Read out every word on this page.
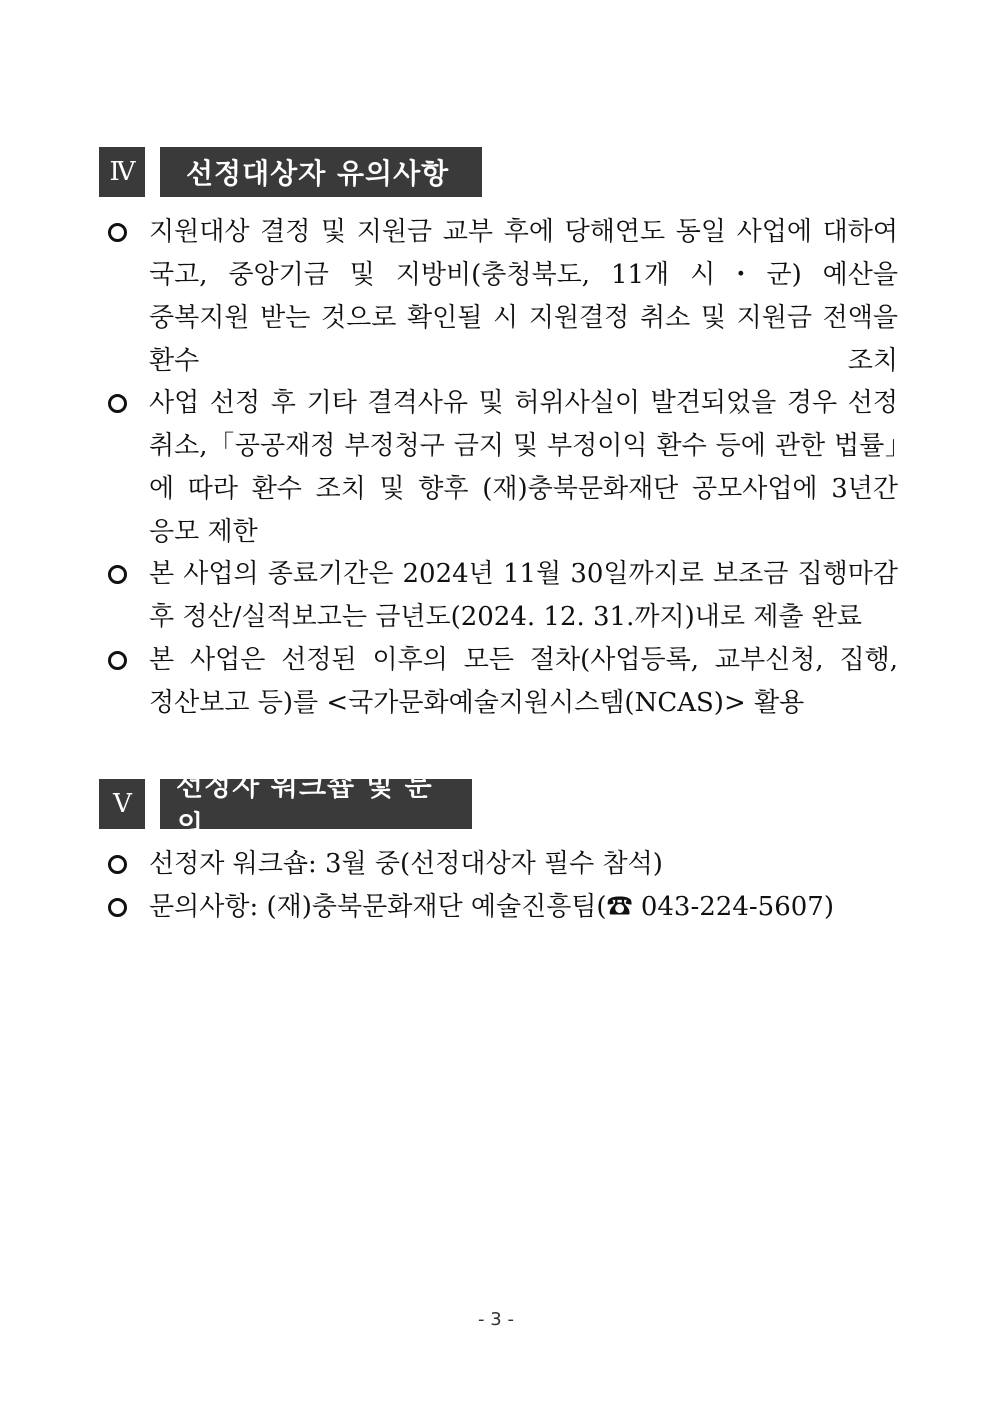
Ⅳ	선정대상자 유의사항
지원대상 결정 및 지원금 교부 후에 당해연도 동일 사업에 대하여 국고, 중앙기금 및 지방비(충청북도, 11개 시・군) 예산을 중복지원 받는 것으로 확인될 시 지원결정 취소 및 지원금 전액을 환수 조치
사업 선정 후 기타 결격사유 및 허위사실이 발견되었을 경우 선정 취소,「공공재정 부정청구 금지 및 부정이익 환수 등에 관한 법률」에 따라 환수 조치 및 향후 (재)충북문화재단 공모사업에 3년간 응모 제한
본 사업의 종료기간은 2024년 11월 30일까지로 보조금 집행마감 후 정산/실적보고는 금년도(2024. 12. 31.까지)내로 제출 완료
본 사업은 선정된 이후의 모든 절차(사업등록, 교부신청, 집행, 정산보고 등)를 <국가문화예술지원시스템(NCAS)> 활용
Ⅴ
선정자 워크숍 및 문의
선정자 워크숍: 3월 중(선정대상자 필수 참석)
문의사항: (재)충북문화재단 예술진흥팀(☎ 043-224-5607)
- 3 -
